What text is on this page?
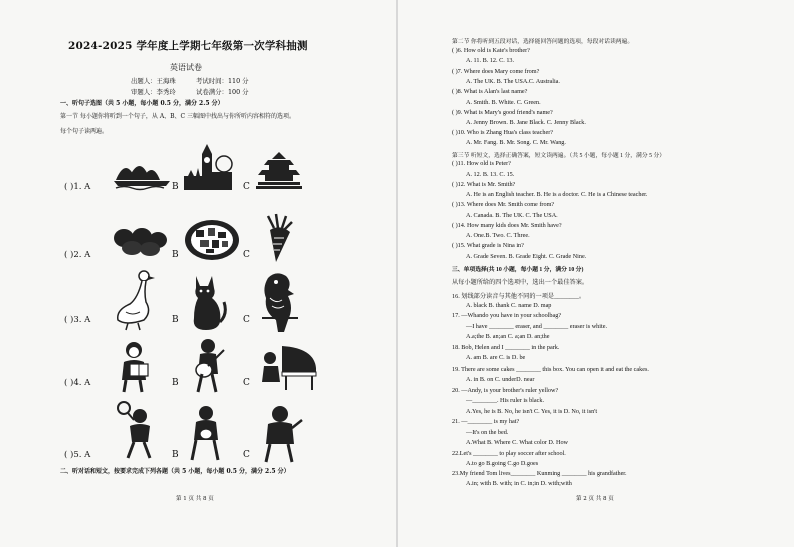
2024-2025 学年度上学期七年级第一次学科抽测
英语试卷
出题人：王海珠	考试时间：110 分
审题人：李秀玲	试卷满分：100 分
一、听句子选图（共 5 小题，每小题 0.5 分，满分 2.5 分）
第一节 每小题你将听到一个句子，从 A、B、C 三幅图中找出与你所听内容相符的选项。
每个句子读两遍。
( )1. A	B	C
( )2. A	B	C
( )3. A	B	C
( )4. A	B	C
( )5. A	B	C
二、听对话和短文，按要求完成下列各题（共 5 小题，每小题 0.5 分，满分 2.5 分）
第 1 页 共 8 页
第二节 你将听到五段对话，选择能回答问题的选项，每段对话读两遍。
( )6. How old is Kate's brother?
A. 11. B. 12. C. 13.
( )7. Where does Mary come from?
A. The UK. B. The USA.C. Australia.
( )8. What is Alan's last name?
A. Smith. B. White. C. Green.
( )9. What is Mary's good friend's name?
A. Jenny Brown. B. Jane Black. C. Jenny Black.
( )10. Who is Zhang Hua's class teacher?
A. Mr. Fang. B. Mr. Song. C. Mr. Wang.
第三节 听短文，选择正确答案，短文读两遍。（共 5 小题，每小题 1 分，满分 5 分）
( )11. How old is Peter?
A. 12. B. 13. C. 15.
( )12. What is Mr. Smith?
A. He is an English teacher. B. He is a doctor. C. He is a Chinese teacher.
( )13. Where does Mr. Smith come from?
A. Canada. B. The UK. C. The USA.
( )14. How many kids does Mr. Smith have?
A. One.B. Two. C. Three.
( )15. What grade is Nina in?
A. Grade Seven. B. Grade Eight. C. Grade Nine.
三、单项选择(共 10 小题，每小题 1 分，满分 10 分)
从每小题所给的四个选项中，选出一个最佳答案。
16. 划线部分读音与其他不同的一项是________。
A. black B. thank C. name D. map
17. —Whando you have in your schoolbag?
—I have ________ eraser, and ________ eraser is white.
A.a;the B. an;an C. a;an D. an;the
18. Bob, Helen and I ________ in the park.
A. am B. are C. is D. be
19. There are some cakes ________ this box. You can open it and eat the cakes.
A. in B. on C. underD. near
20. —Andy, is your brother's ruler yellow?
—________. His ruler is black.
A.Yes, he is B. No, he isn't C. Yes, it is D. No, it isn't
21. —________ is my hat?
—It's on the bed.
A.What B. Where C. What color D. How
22.Let's ________ to play soccer after school.
A.to go B.going C.go D.goes
23.My friend Tom lives________ Kunming ________ his grandfather.
A.in; with B. with; in C. in;in D. with;with
第 2 页 共 8 页
